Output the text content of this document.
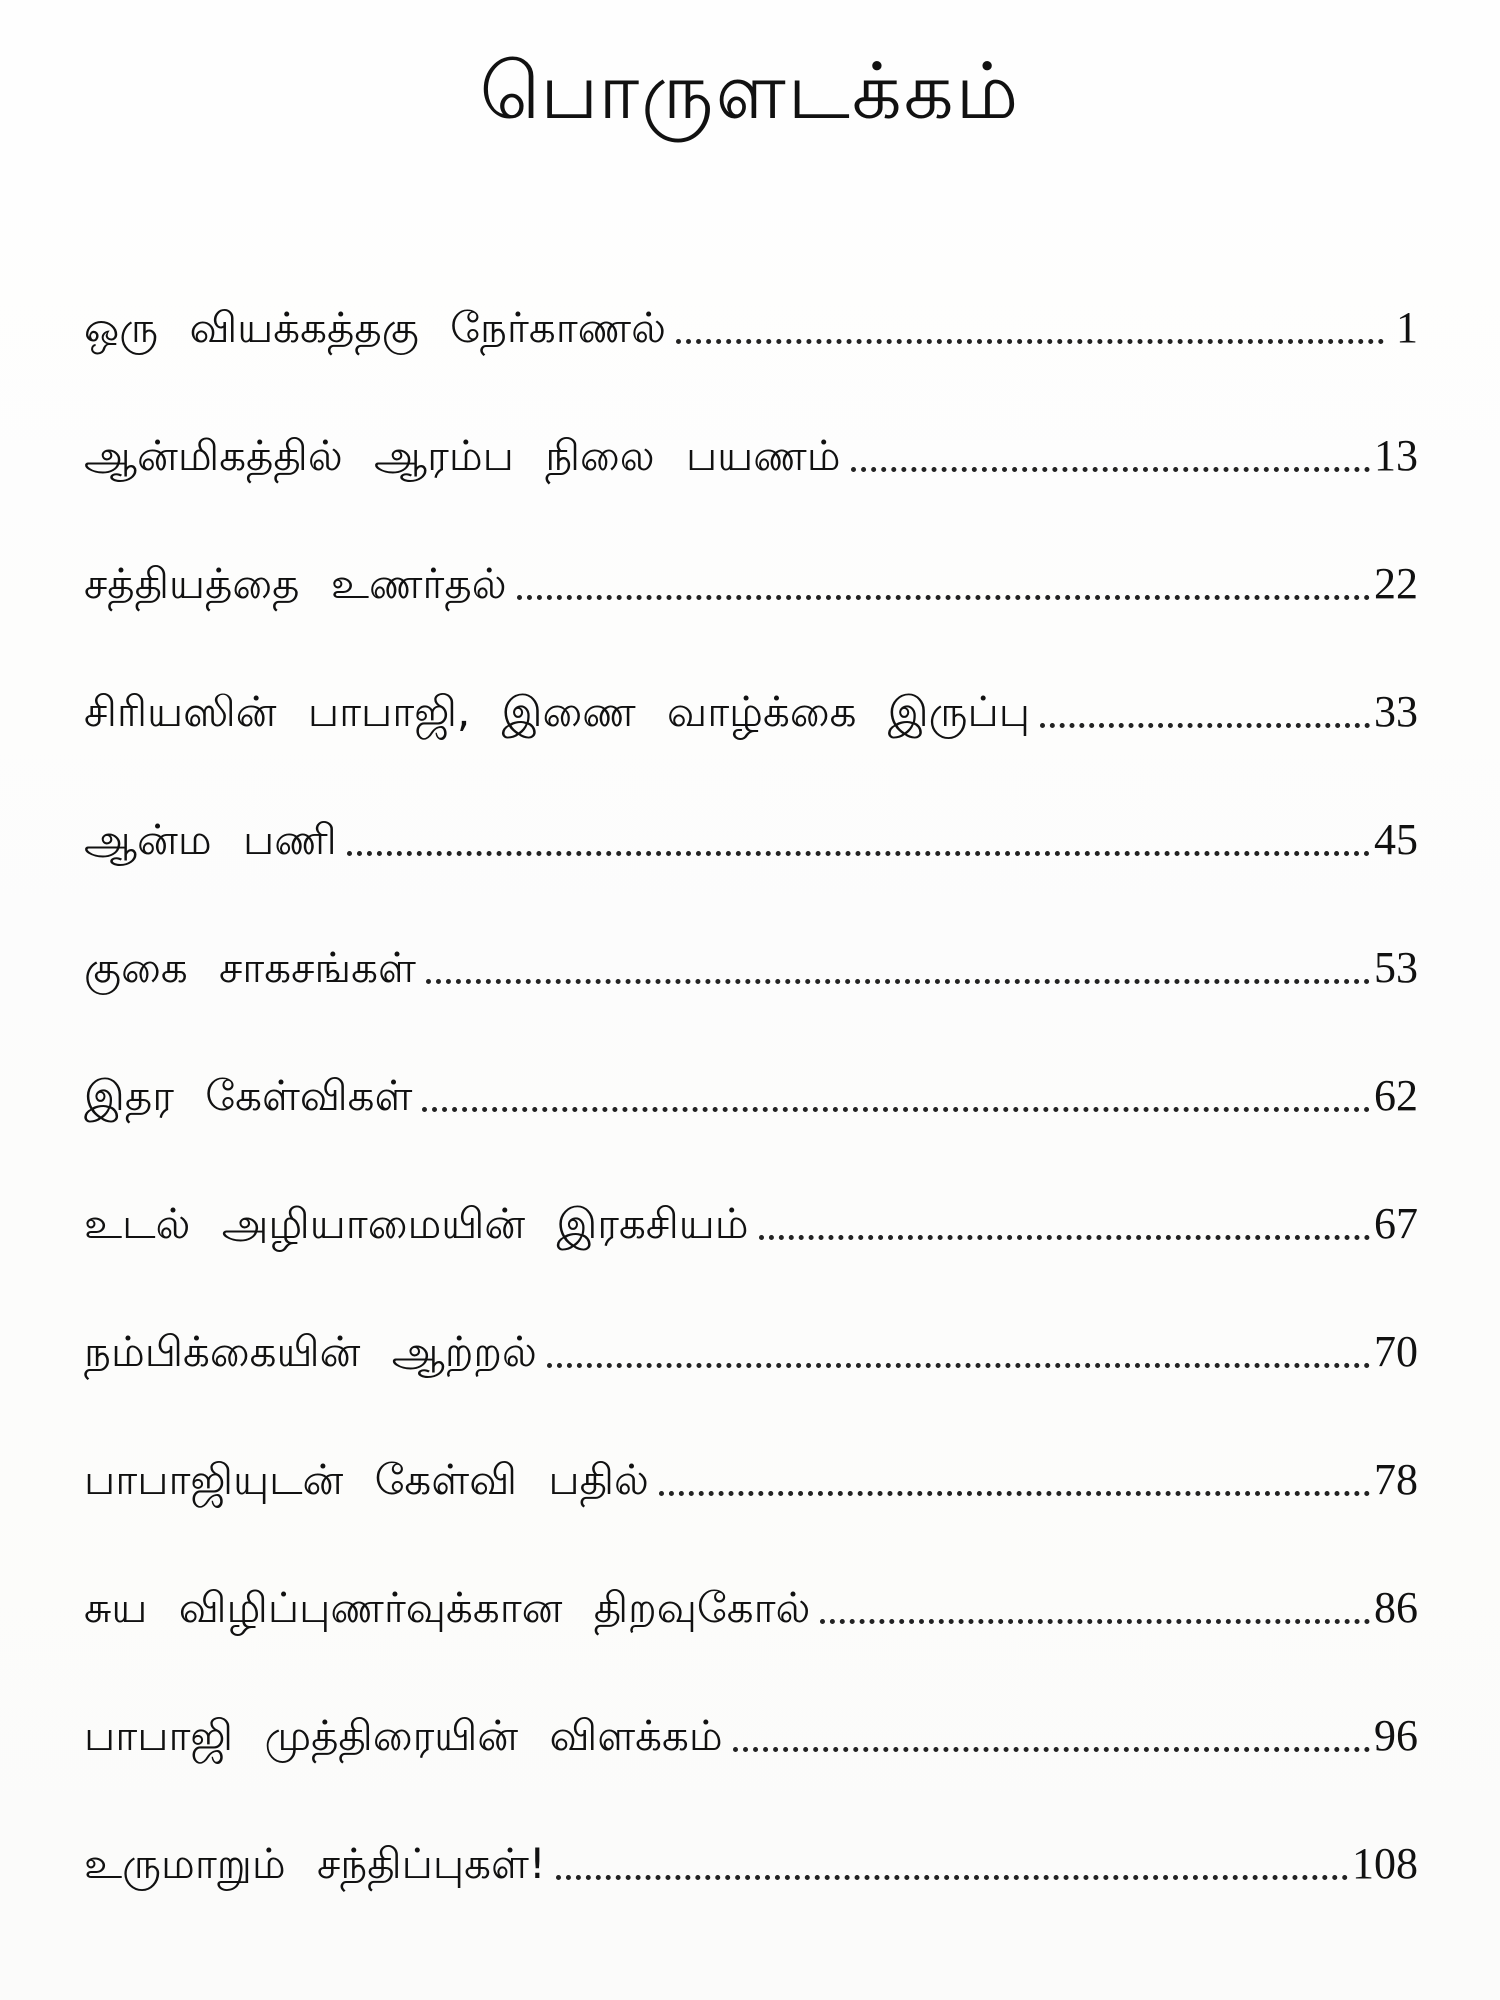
பொருளடக்கம்
ஒரு வியக்கத்தகு நேர்காணல்	1
ஆன்மிகத்தில் ஆரம்ப நிலை பயணம்	13
சத்தியத்தை உணர்தல்	22
சிரியஸின் பாபாஜி, இணை வாழ்க்கை இருப்பு	33
ஆன்ம பணி	45
குகை சாகசங்கள்	53
இதர கேள்விகள்	62
உடல் அழியாமையின் இரகசியம்	67
நம்பிக்கையின் ஆற்றல்	70
பாபாஜியுடன் கேள்வி பதில்	78
சுய விழிப்புணர்வுக்கான திறவுகோல்	86
பாபாஜி முத்திரையின் விளக்கம்	96
உருமாறும் சந்திப்புகள்!	108
